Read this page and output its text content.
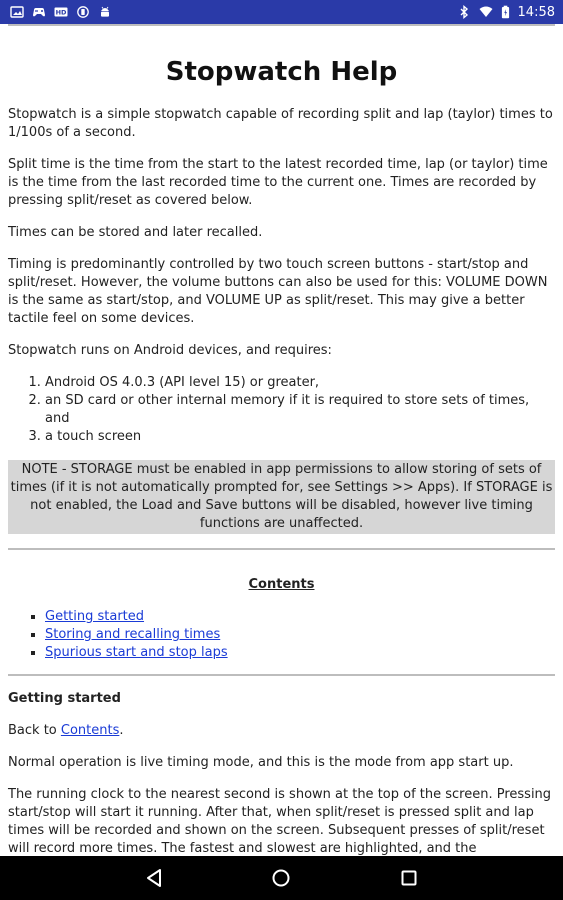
HD	14:58
Stopwatch Help

Stopwatch is a simple stopwatch capable of recording split and lap (taylor) times to 1/100s of a second.

Split time is the time from the start to the latest recorded time, lap (or taylor) time is the time from the last recorded time to the current one. Times are recorded by pressing split/reset as covered below.

Times can be stored and later recalled.

Timing is predominantly controlled by two touch screen buttons - start/stop and split/reset. However, the volume buttons can also be used for this: VOLUME DOWN is the same as start/stop, and VOLUME UP as split/reset. This may give a better tactile feel on some devices.

Stopwatch runs on Android devices, and requires:

1. Android OS 4.0.3 (API level 15) or greater,
2. an SD card or other internal memory if it is required to store sets of times, and
3. a touch screen
NOTE - STORAGE must be enabled in app permissions to allow storing of sets of times (if it is not automatically prompted for, see Settings >> Apps). If STORAGE is not enabled, the Load and Save buttons will be disabled, however live timing functions are unaffected.
Contents
▪ Getting started
▪ Storing and recalling times
▪ Spurious start and stop laps
Getting started

Back to Contents.

Normal operation is live timing mode, and this is the mode from app start up.

The running clock to the nearest second is shown at the top of the screen. Pressing start/stop will start it running. After that, when split/reset is pressed split and lap times will be recorded and shown on the screen. Subsequent presses of split/reset will record more times. The fastest and slowest are highlighted, and the
